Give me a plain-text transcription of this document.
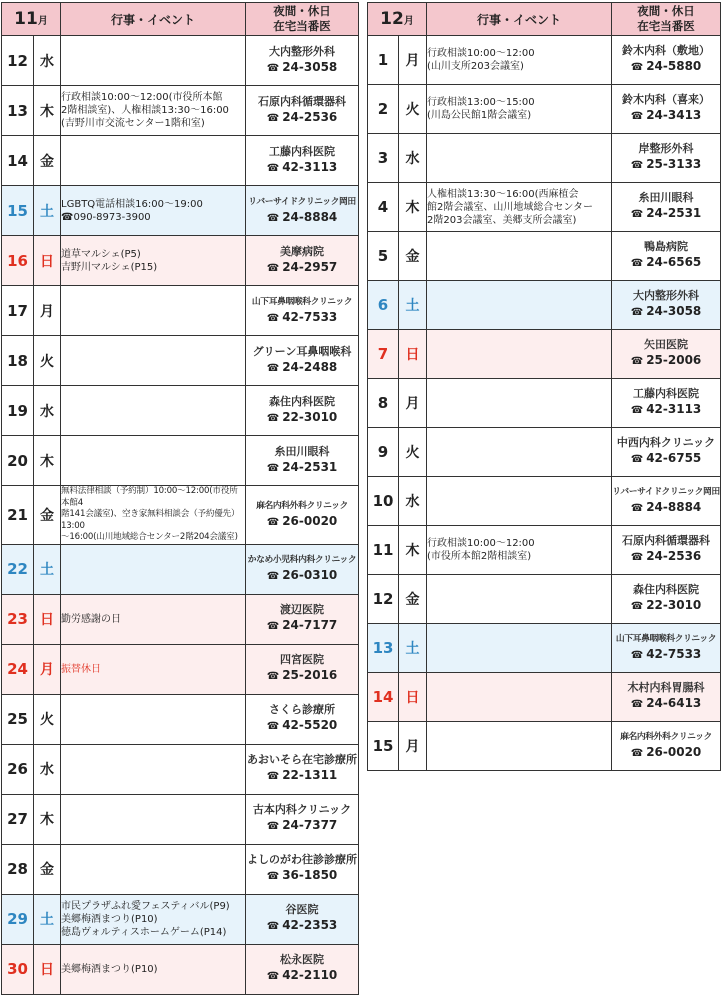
11月		行事・イベント	夜間・休日
在宅当番医

12	水		大内整形外科
☎ 24-3058

13	木	行政相談10:00～12:00(市役所本館
2階相談室)、人権相談13:30～16:00
(吉野川市交流センター1階和室)	石原内科循環器科
☎ 24-2536

14	金		工藤内科医院
☎ 42-3113

15	土	LGBTQ電話相談16:00～19:00
☎090-8973-3900	リバーサイドクリニック岡田
☎ 24-8884

16	日	道草マルシェ(P5)
吉野川マルシェ(P15)	美摩病院
☎ 24-2957

17	月		山下耳鼻咽喉科クリニック
☎ 42-7533

18	火		グリーン耳鼻咽喉科
☎ 24-2488

19	水		森住内科医院
☎ 22-3010

20	木		糸田川眼科
☎ 24-2531

21	金	無料法律相談（予約制）10:00～12:00(市役所本館4
階141会議室)、空き家無料相談会（予約優先）13:00
～16:00(山川地域総合センター2階204会議室)	麻名内科外科クリニック
☎ 26-0020

22	土		かなめ小児科内科クリニック
☎ 26-0310

23	日	勤労感謝の日	渡辺医院
☎ 24-7177

24	月	振替休日	四宮医院
☎ 25-2016

25	火		さくら診療所
☎ 42-5520

26	水		あおいそら在宅診療所
☎ 22-1311

27	木		古本内科クリニック
☎ 24-7377

28	金		よしのがわ往診診療所
☎ 36-1850

29	土	市民プラザふれ愛フェスティバル(P9)
美郷梅酒まつり(P10)
徳島ヴォルティスホームゲーム(P14)	谷医院
☎ 42-2353

30	日	美郷梅酒まつり(P10)	松永医院
☎ 42-2110
12月		行事・イベント	夜間・休日
在宅当番医

1	月	行政相談10:00～12:00
(山川支所203会議室)	鈴木内科（敷地）
☎ 24-5880

2	火	行政相談13:00～15:00
(川島公民館1階会議室)	鈴木内科（喜来）
☎ 24-3413

3	水		岸整形外科
☎ 25-3133

4	木	人権相談13:30～16:00(西麻植会
館2階会議室、山川地域総合センター
2階203会議室、美郷支所会議室)	糸田川眼科
☎ 24-2531

5	金		鴨島病院
☎ 24-6565

6	土		大内整形外科
☎ 24-3058

7	日		矢田医院
☎ 25-2006

8	月		工藤内科医院
☎ 42-3113

9	火		中西内科クリニック
☎ 42-6755

10	水		リバーサイドクリニック岡田
☎ 24-8884

11	木	行政相談10:00～12:00
(市役所本館2階相談室)	石原内科循環器科
☎ 24-2536

12	金		森住内科医院
☎ 22-3010

13	土		山下耳鼻咽喉科クリニック
☎ 42-7533

14	日		木村内科胃腸科
☎ 24-6413

15	月		麻名内科外科クリニック
☎ 26-0020
